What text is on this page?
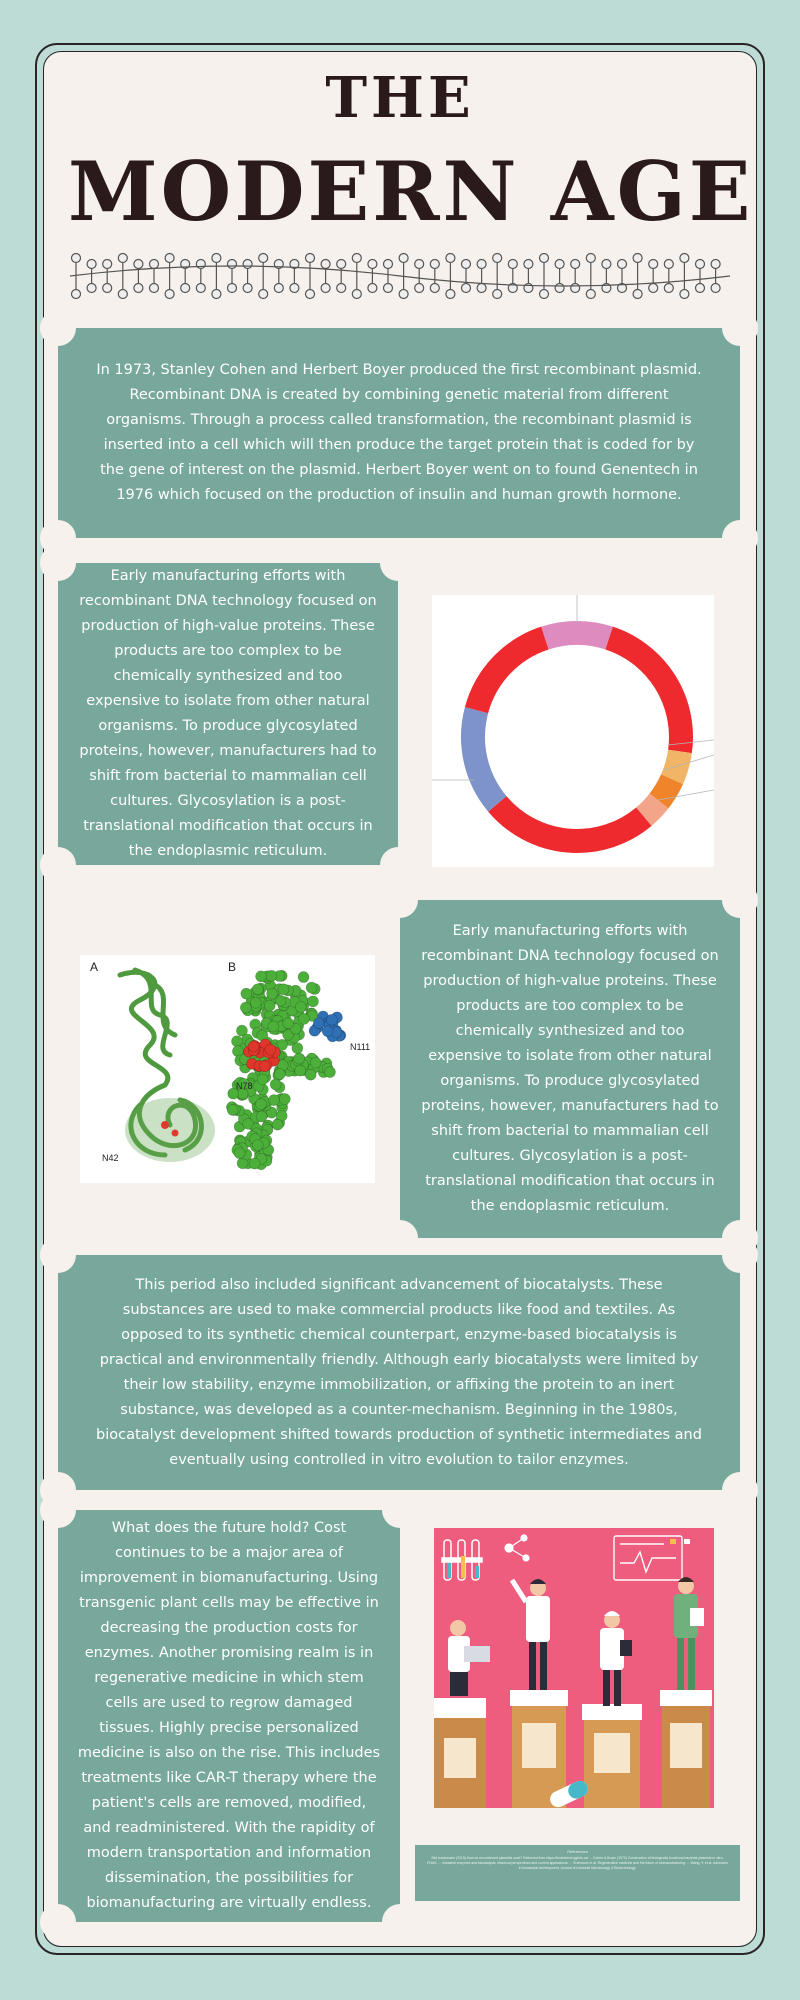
THE
MODERN AGE
In 1973, Stanley Cohen and Herbert Boyer produced the first recombinant plasmid. Recombinant DNA is created by combining genetic material from different organisms. Through a process called transformation, the recombinant plasmid is inserted into a cell which will then produce the target protein that is coded for by the gene of interest on the plasmid. Herbert Boyer went on to found Genentech in 1976 which focused on the production of insulin and human growth hormone.
Early manufacturing efforts with recombinant DNA technology focused on production of high-value proteins. These products are too complex to be chemically synthesized and too expensive to isolate from other natural organisms. To produce glycosylated proteins, however, manufacturers had to shift from bacterial to mammalian cell cultures. Glycosylation is a post-translational modification that occurs in the endoplasmic reticulum.
A	B
N42
N78
N111
Early manufacturing efforts with recombinant DNA technology focused on production of high-value proteins. These products are too complex to be chemically synthesized and too expensive to isolate from other natural organisms. To produce glycosylated proteins, however, manufacturers had to shift from bacterial to mammalian cell cultures. Glycosylation is a post-translational modification that occurs in the endoplasmic reticulum.
This period also included significant advancement of biocatalysts. These substances are used to make commercial products like food and textiles. As opposed to its synthetic chemical counterpart, enzyme-based biocatalysis is practical and environmentally friendly. Although early biocatalysts were limited by their low stability, enzyme immobilization, or affixing the protein to an inert substance, was developed as a counter-mechanism. Beginning in the 1980s, biocatalyst development shifted towards production of synthetic intermediates and eventually using controlled in vitro evolution to tailor enzymes.
What does the future hold? Cost continues to be a major area of improvement in biomanufacturing. Using transgenic plant cells may be effective in decreasing the production costs for enzymes. Another promising realm is in regenerative medicine in which stem cells are used to regrow damaged tissues. Highly precise personalized medicine is also on the rise. This includes treatments like CAR-T therapy where the patient's cells are removed, modified, and readministered. With the rapidity of modern transportation and information dissemination, the possibilities for biomanufacturing are virtually endless.
References
Biol businesses (2015) How do recombinant plasmids work? Retrieved from https://biotechnologyinfo.ca/ ... Cohen & Boyer (1973) Construction of biologically functional bacterial plasmids in vitro. PNAS. ... Industrial enzymes and biocatalysis: historical perspectives and current applications. ... Sherwood et al. Regenerative medicine and the future of biomanufacturing. ... Wang, Y. et al. Advances in biocatalyst development. Journal of Industrial Microbiology & Biotechnology.
